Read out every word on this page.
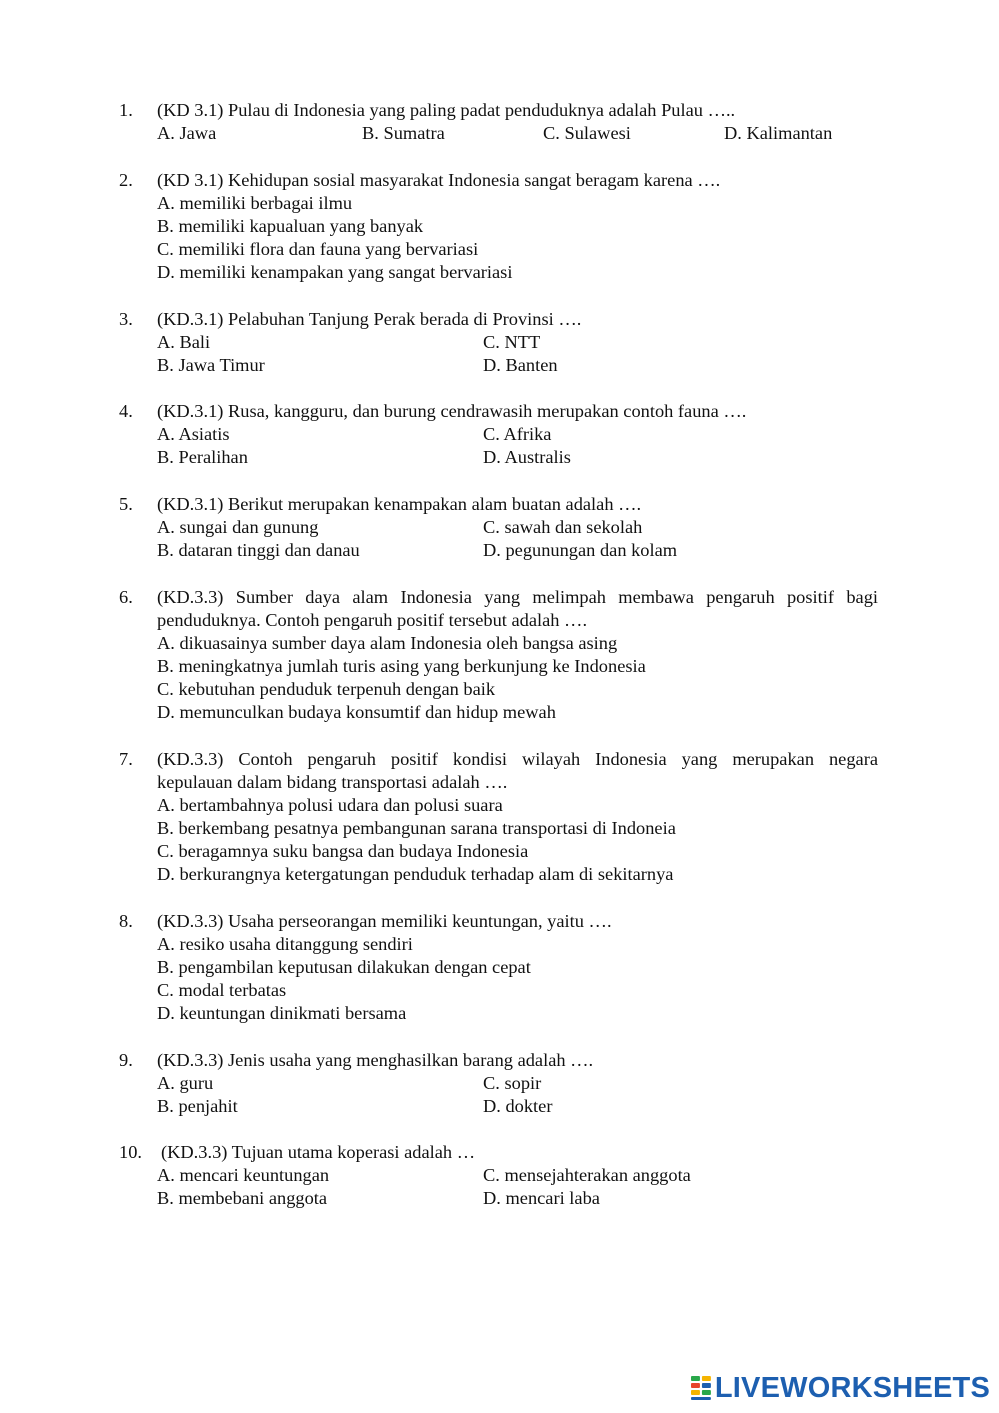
1. (KD 3.1) Pulau di Indonesia yang paling padat penduduknya adalah Pulau …..
A. Jawa	B. Sumatra	C. Sulawesi	D. Kalimantan
2. (KD 3.1) Kehidupan sosial masyarakat Indonesia sangat beragam karena ….
A. memiliki berbagai ilmu
B. memiliki kapualuan yang banyak
C. memiliki flora dan fauna yang bervariasi
D. memiliki kenampakan yang sangat bervariasi
3. (KD.3.1) Pelabuhan Tanjung Perak berada di Provinsi ….
A. Bali	C. NTT
B. Jawa Timur	D. Banten
4. (KD.3.1) Rusa, kangguru, dan burung cendrawasih merupakan contoh fauna ….
A. Asiatis	C. Afrika
B. Peralihan	D. Australis
5. (KD.3.1) Berikut merupakan kenampakan alam buatan adalah ….
A. sungai dan gunung	C. sawah dan sekolah
B. dataran tinggi dan danau	D. pegunungan dan kolam
6. (KD.3.3) Sumber daya alam Indonesia yang melimpah membawa pengaruh positif bagi
penduduknya. Contoh pengaruh positif tersebut adalah ….
A. dikuasainya sumber daya alam Indonesia oleh bangsa asing
B. meningkatnya jumlah turis asing yang berkunjung ke Indonesia
C. kebutuhan penduduk terpenuh dengan baik
D. memunculkan budaya konsumtif dan hidup mewah
7. (KD.3.3) Contoh pengaruh positif kondisi wilayah Indonesia yang merupakan negara
kepulauan dalam bidang transportasi adalah ….
A. bertambahnya polusi udara dan polusi suara
B. berkembang pesatnya pembangunan sarana transportasi di Indoneia
C. beragamnya suku bangsa dan budaya Indonesia
D. berkurangnya ketergatungan penduduk terhadap alam di sekitarnya
8. (KD.3.3) Usaha perseorangan memiliki keuntungan, yaitu ….
A. resiko usaha ditanggung sendiri
B. pengambilan keputusan dilakukan dengan cepat
C. modal terbatas
D. keuntungan dinikmati bersama
9. (KD.3.3) Jenis usaha yang menghasilkan barang adalah ….
A. guru	C. sopir
B. penjahit	D. dokter
10. (KD.3.3) Tujuan utama koperasi adalah …
A. mencari keuntungan	C. mensejahterakan anggota
B. membebani anggota	D. mencari laba
LIVEWORKSHEETS
